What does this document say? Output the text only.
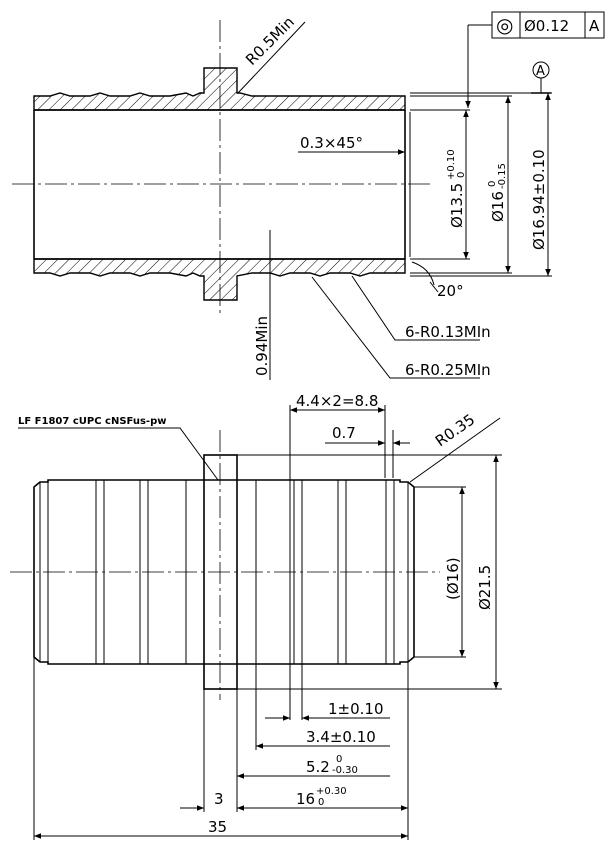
R0.5Min
0.3×45°
Ø13.5
+0.10 0
Ø16
0 -0.15 Ø16.94±0.10
◎ Ø0.12 A
A
20°
0.94Min	6-R0.13MIn
6-R0.25MIn
LF F1807 cUPC cNSFus-pw
4.4×2=8.8
0.7	R0.35
Ø21.5
(Ø16)
1±0.10
3.4±0.10
5.2 0
-0.30
3	16 +0.30
0
35
